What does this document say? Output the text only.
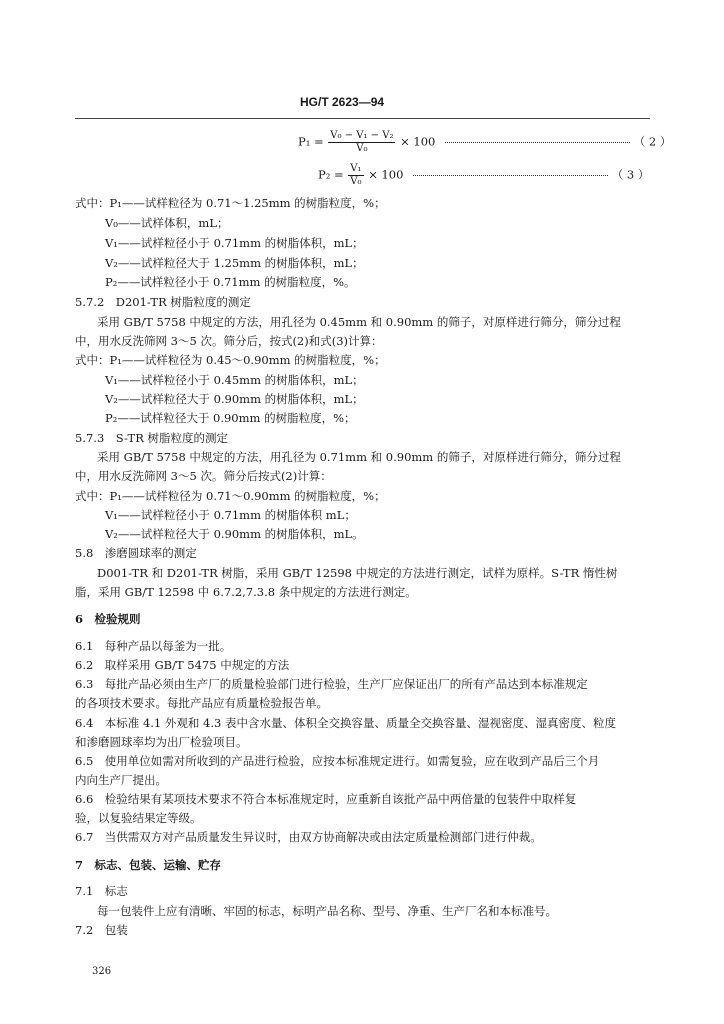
HG/T 2623—94
$P_1 = \frac{\text{V₀ − V₁ − V₂}}{\text{V₀}} \times 100$	（ 2 ）
$P_2 = \frac{\text{V₁}}{\text{V₀}} \times 100$	（ 3 ）
式中：P₁——试样粒径为 0.71～1.25mm 的树脂粒度，%；
V₀——试样体积，mL；
V₁——试样粒径小于 0.71mm 的树脂体积，mL；
V₂——试样粒径大于 1.25mm 的树脂体积，mL；
P₂——试样粒径小于 0.71mm 的树脂粒度，%。
5.7.2　D201-TR 树脂粒度的测定
采用 GB/T 5758 中规定的方法，用孔径为 0.45mm 和 0.90mm 的筛子，对原样进行筛分，筛分过程
中，用水反洗筛网 3～5 次。筛分后，按式(2)和式(3)计算：
式中：P₁——试样粒径为 0.45～0.90mm 的树脂粒度，%；
V₁——试样粒径小于 0.45mm 的树脂体积，mL；
V₂——试样粒径大于 0.90mm 的树脂体积，mL；
P₂——试样粒径大于 0.90mm 的树脂粒度，%；
5.7.3　S-TR 树脂粒度的测定
采用 GB/T 5758 中规定的方法，用孔径为 0.71mm 和 0.90mm 的筛子，对原样进行筛分，筛分过程
中，用水反洗筛网 3～5 次。筛分后按式(2)计算：
式中：P₁——试样粒径为 0.71～0.90mm 的树脂粒度，%；
V₁——试样粒径小于 0.71mm 的树脂体积 mL；
V₂——试样粒径大于 0.90mm 的树脂体积，mL。
5.8　渗磨圆球率的测定
D001-TR 和 D201-TR 树脂，采用 GB/T 12598 中规定的方法进行测定，试样为原样。S-TR 惰性树
脂，采用 GB/T 12598 中 6.7.2,7.3.8 条中规定的方法进行测定。
6　检验规则
6.1　每种产品以每釜为一批。
6.2　取样采用 GB/T 5475 中规定的方法
6.3　每批产品必须由生产厂的质量检验部门进行检验，生产厂应保证出厂的所有产品达到本标准规定
的各项技术要求。每批产品应有质量检验报告单。
6.4　本标准 4.1 外观和 4.3 表中含水量、体积全交换容量、质量全交换容量、湿视密度、湿真密度、粒度
和渗磨圆球率均为出厂检验项目。
6.5　使用单位如需对所收到的产品进行检验，应按本标准规定进行。如需复验，应在收到产品后三个月
内向生产厂提出。
6.6　检验结果有某项技术要求不符合本标准规定时，应重新自该批产品中两倍量的包装件中取样复
验，以复验结果定等级。
6.7　当供需双方对产品质量发生异议时，由双方协商解决或由法定质量检测部门进行仲裁。
7　标志、包装、运输、贮存
7.1　标志
每一包装件上应有清晰、牢固的标志，标明产品名称、型号、净重、生产厂名和本标准号。
7.2　包装
326
